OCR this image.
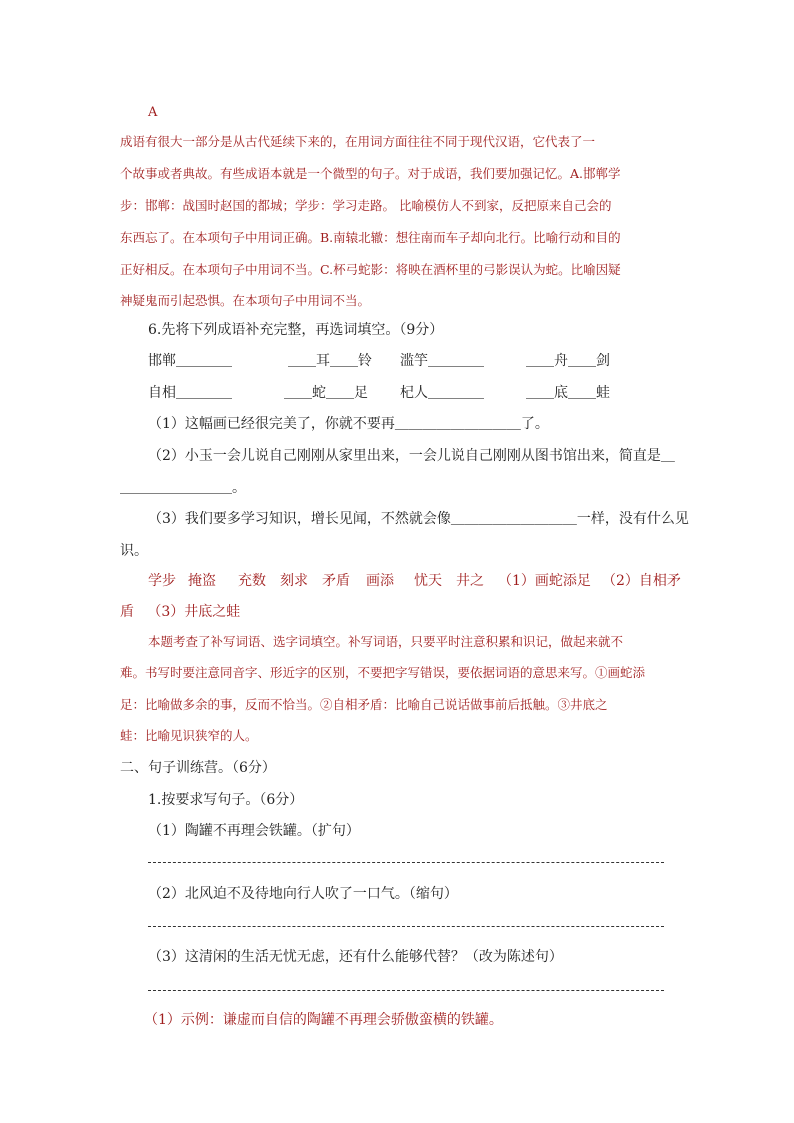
A
成语有很大一部分是从古代延续下来的，在用词方面往往不同于现代汉语，它代表了一
个故事或者典故。有些成语本就是一个微型的句子。对于成语，我们要加强记忆。A.邯郸学
步：邯郸：战国时赵国的都城；学步：学习走路。 比喻模仿人不到家，反把原来自己会的
东西忘了。在本项句子中用词正确。B.南辕北辙：想往南而车子却向北行。比喻行动和目的
正好相反。在本项句子中用词不当。C.杯弓蛇影：将映在酒杯里的弓影误认为蛇。比喻因疑
神疑鬼而引起恐惧。在本项句子中用词不当。
6.先将下列成语补充完整，再选词填空。（9分）
邯郸＿＿＿＿	＿＿耳＿＿铃 滥竽＿＿＿＿	＿＿舟＿＿剑
自相＿＿＿＿	＿＿蛇＿＿足 杞人＿＿＿＿	＿＿底＿＿蛙
（1）这幅画已经很完美了，你就不要再＿＿＿＿＿＿＿＿＿了。
（2）小玉一会儿说自己刚刚从家里出来，一会儿说自己刚刚从图书馆出来，简直是＿
＿＿＿＿＿＿＿＿。
（3）我们要多学习知识，增长见闻，不然就会像＿＿＿＿＿＿＿＿＿一样，没有什么见
识。
学步 掩盗 充数 刻求 矛盾 画添 忧天 井之 （1）画蛇添足 （2）自相矛
盾   （3）井底之蛙
本题考查了补写词语、选字词填空。补写词语，只要平时注意积累和识记，做起来就不
难。书写时要注意同音字、形近字的区别，不要把字写错误，要依据词语的意思来写。①画蛇添
足：比喻做多余的事，反而不恰当。②自相矛盾：比喻自己说话做事前后抵触。③井底之
蛙：比喻见识狭窄的人。
二、句子训练营。（6分）
1.按要求写句子。（6分）
（1）陶罐不再理会铁罐。（扩句）
（2）北风迫不及待地向行人吹了一口气。（缩句）
（3）这清闲的生活无忧无虑，还有什么能够代替？（改为陈述句）
（1）示例：谦虚而自信的陶罐不再理会骄傲蛮横的铁罐。
